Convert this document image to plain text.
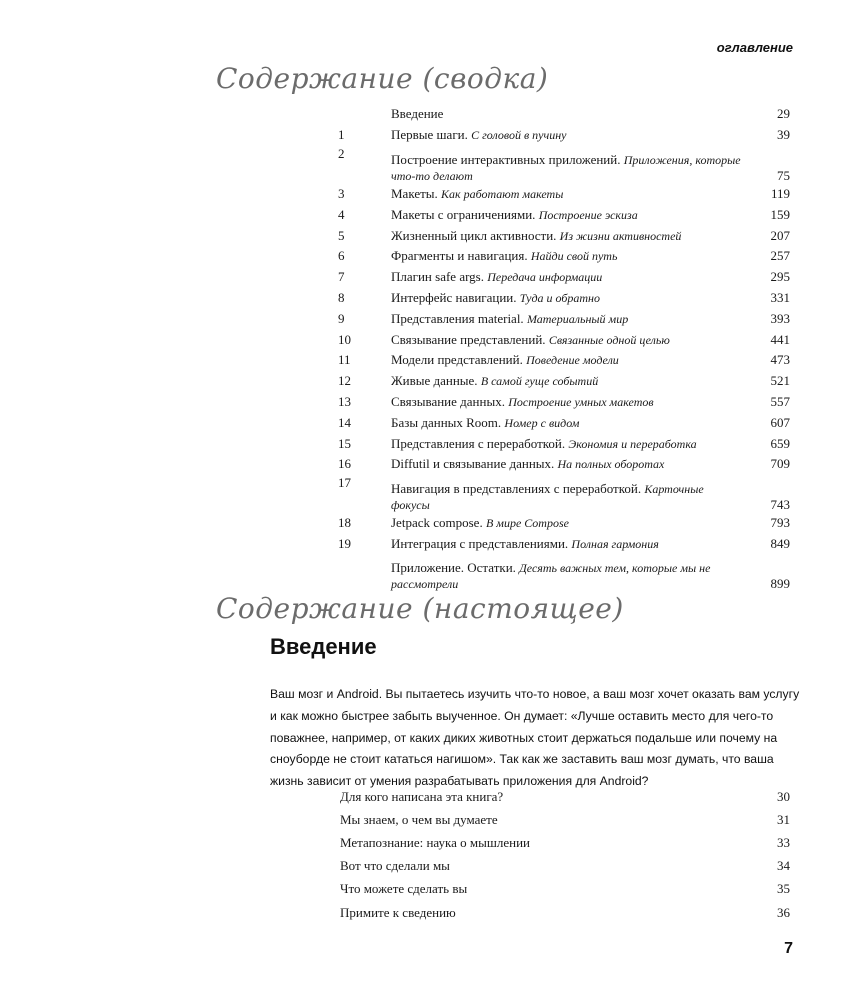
оглавление
Содержание (сводка)
Введение	29
1	Первые шаги. С головой в пучину	39
2	Построение интерактивных приложений. Приложения, которые что-то делают	75
3	Макеты. Как работают макеты	119
4	Макеты с ограничениями. Построение эскиза	159
5	Жизненный цикл активности. Из жизни активностей	207
6	Фрагменты и навигация. Найди свой путь	257
7	Плагин safe args. Передача информации	295
8	Интерфейс навигации. Туда и обратно	331
9	Представления material. Материальный мир	393
10	Связывание представлений. Связанные одной целью	441
11	Модели представлений. Поведение модели	473
12	Живые данные. В самой гуще событий	521
13	Связывание данных. Построение умных макетов	557
14	Базы данных Room. Номер с видом	607
15	Представления с переработкой. Экономия и переработка	659
16	Diffutil и связывание данных. На полных оборотах	709
17	Навигация в представлениях с переработкой. Карточные фокусы	743
18	Jetpack compose. В мире Compose	793
19	Интеграция с представлениями. Полная гармония	849
Приложение. Остатки. Десять важных тем, которые мы не рассмотрели	899
Содержание (настоящее)
Введение

Ваш мозг и Android. Вы пытаетесь изучить что-то новое, а ваш мозг хочет оказать вам услугу и как можно быстрее забыть выученное. Он думает: «Лучше оставить место для чего-то поважнее, например, от каких диких животных стоит держаться подальше или почему на сноуборде не стоит кататься нагишом». Так как же заставить ваш мозг думать, что ваша жизнь зависит от умения разрабатывать приложения для Android?

Для кого написана эта книга?	30
Мы знаем, о чем вы думаете	31
Метапознание: наука о мышлении	33
Вот что сделали мы	34
Что можете сделать вы	35
Примите к сведению	36
7
